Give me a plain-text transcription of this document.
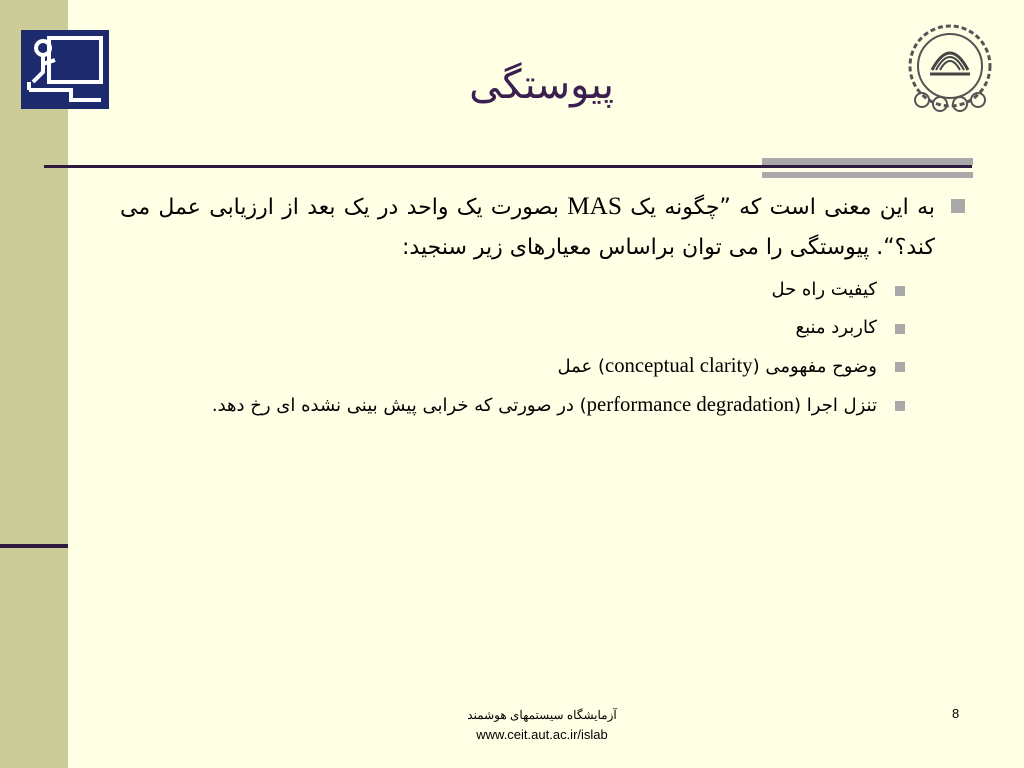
پیوستگی

به این معنی است که ”چگونه یک MAS بصورت یک واحد در یک بعد از ارزیابی عمل می کند؟“. پیوستگی را می توان براساس معیارهای زیر سنجید:

کیفیت راه حل

کاربرد منبع

وضوح مفهومی (conceptual clarity) عمل

تنزل اجرا (performance degradation) در صورتی که خرابی پیش بینی نشده ای رخ دهد.

آزمایشگاه سیستمهای هوشمند
www.ceit.aut.ac.ir/islab
8
